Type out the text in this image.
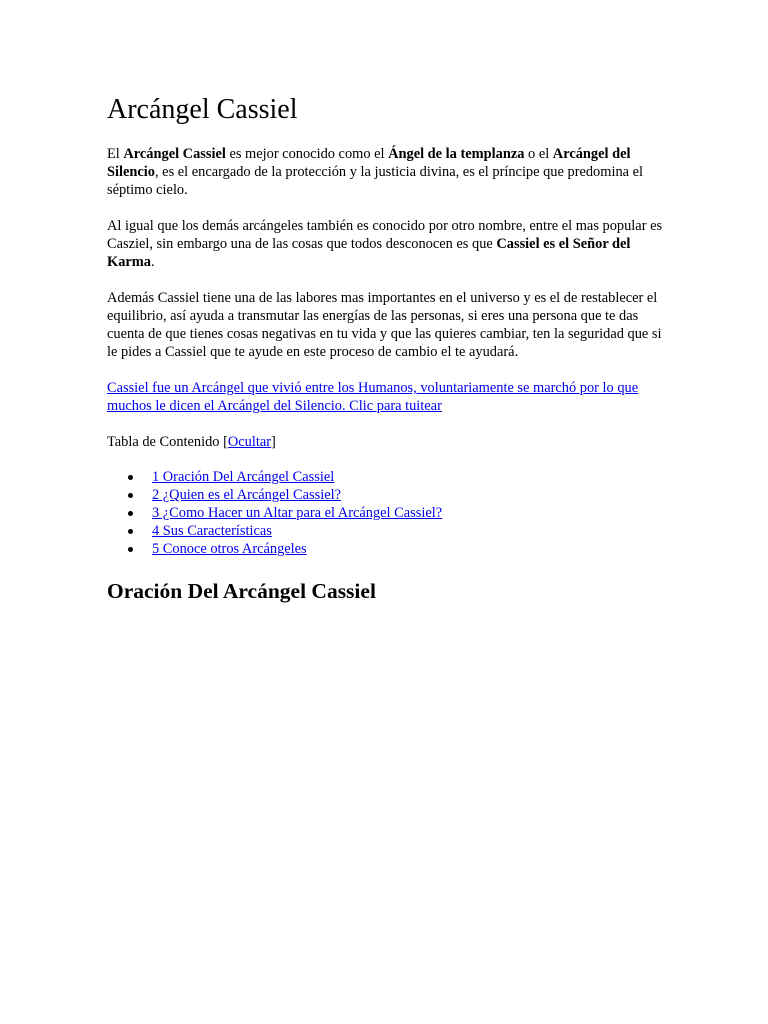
Arcángel Cassiel

El Arcángel Cassiel es mejor conocido como el Ángel de la templanza o el Arcángel del Silencio, es el encargado de la protección y la justicia divina, es el príncipe que predomina el séptimo cielo.

Al igual que los demás arcángeles también es conocido por otro nombre, entre el mas popular es Casziel, sin embargo una de las cosas que todos desconocen es que Cassiel es el Señor del Karma.

Además Cassiel tiene una de las labores mas importantes en el universo y es el de restablecer el equilibrio, así ayuda a transmutar las energías de las personas, si eres una persona que te das cuenta de que tienes cosas negativas en tu vida y que las quieres cambiar, ten la seguridad que si le pides a Cassiel que te ayude en este proceso de cambio el te ayudará.

Cassiel fue un Arcángel que vivió entre los Humanos, voluntariamente se marchó por lo que muchos le dicen el Arcángel del Silencio. Clic para tuitear

Tabla de Contenido [Ocultar]

1 Oración Del Arcángel Cassiel
2 ¿Quien es el Arcángel Cassiel?
3 ¿Como Hacer un Altar para el Arcángel Cassiel?
4 Sus Características
5 Conoce otros Arcángeles
Oración Del Arcángel Cassiel
